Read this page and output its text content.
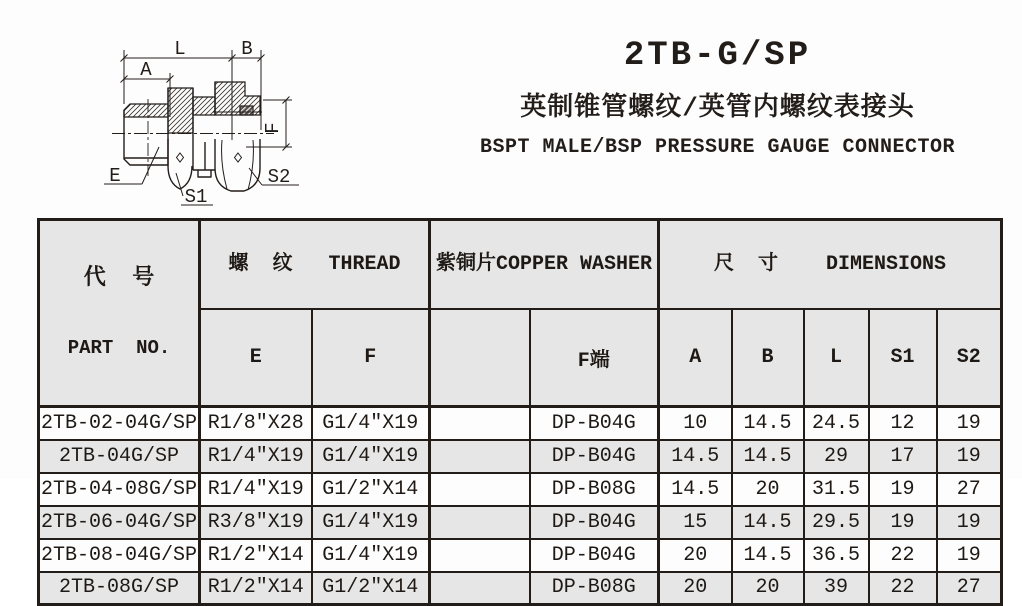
L	B
A
F
E
S1
S2
2TB-G/SP
英制锥管螺纹/英管内螺纹表接头
BSPT MALE/BSP PRESSURE GAUGE CONNECTOR

代  号

PART  NO.	螺  纹   THREAD		紫铜片COPPER WASHER		尺  寸    DIMENSIONS				
	E	F		F端	A	B	L	S1	S2
2TB-02-04G/SP	R1/8″X28	G1/4″X19		DP-B04G	10	14.5	24.5	12	19
2TB-04G/SP	R1/4″X19	G1/4″X19		DP-B04G	14.5	14.5	29	17	19
2TB-04-08G/SP	R1/4″X19	G1/2″X14		DP-B08G	14.5	20	31.5	19	27
2TB-06-04G/SP	R3/8″X19	G1/4″X19		DP-B04G	15	14.5	29.5	19	19
2TB-08-04G/SP	R1/2″X14	G1/4″X19		DP-B04G	20	14.5	36.5	22	19
2TB-08G/SP	R1/2″X14	G1/2″X14		DP-B08G	20	20	39	22	27
